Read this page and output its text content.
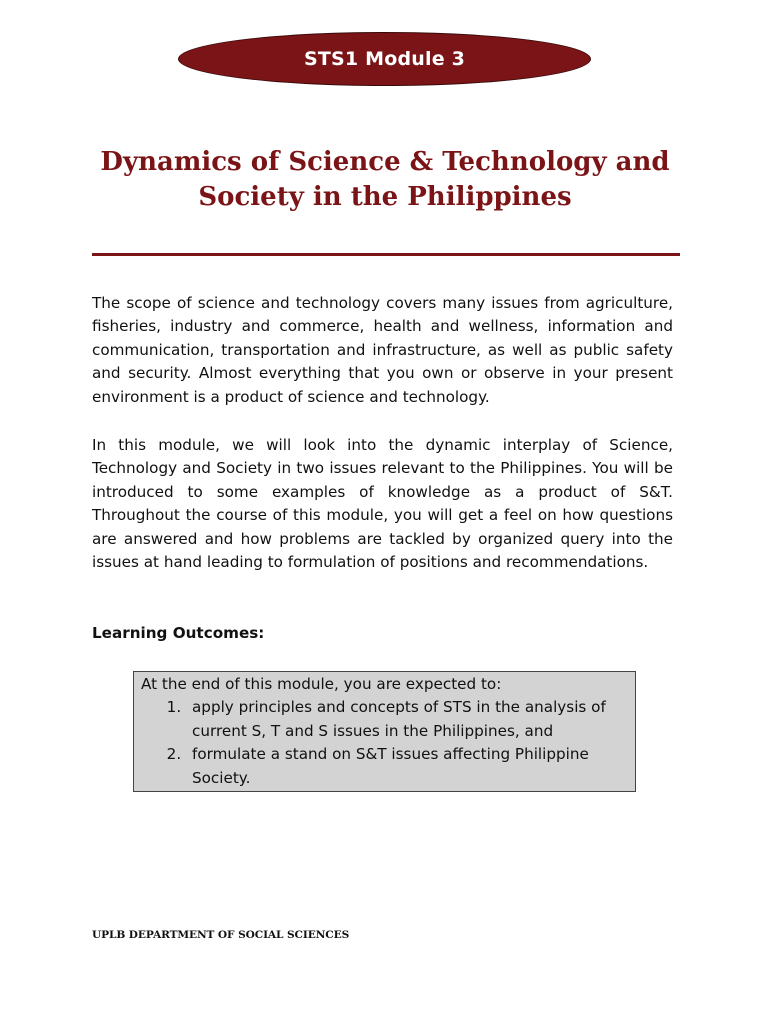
STS1 Module 3
Dynamics of Science & Technology and Society in the Philippines

The scope of science and technology covers many issues from agriculture, fisheries, industry and commerce, health and wellness, information and communication, transportation and infrastructure, as well as public safety and security. Almost everything that you own or observe in your present environment is a product of science and technology.

In this module, we will look into the dynamic interplay of Science, Technology and Society in two issues relevant to the Philippines. You will be introduced to some examples of knowledge as a product of S&T. Throughout the course of this module, you will get a feel on how questions are answered and how problems are tackled by organized query into the issues at hand leading to formulation of positions and recommendations.

Learning Outcomes:

At the end of this module, you are expected to:

1. apply principles and concepts of STS in the analysis of current S, T and S issues in the Philippines, and
2. formulate a stand on S&T issues affecting Philippine Society.
UPLB DEPARTMENT OF SOCIAL SCIENCES
